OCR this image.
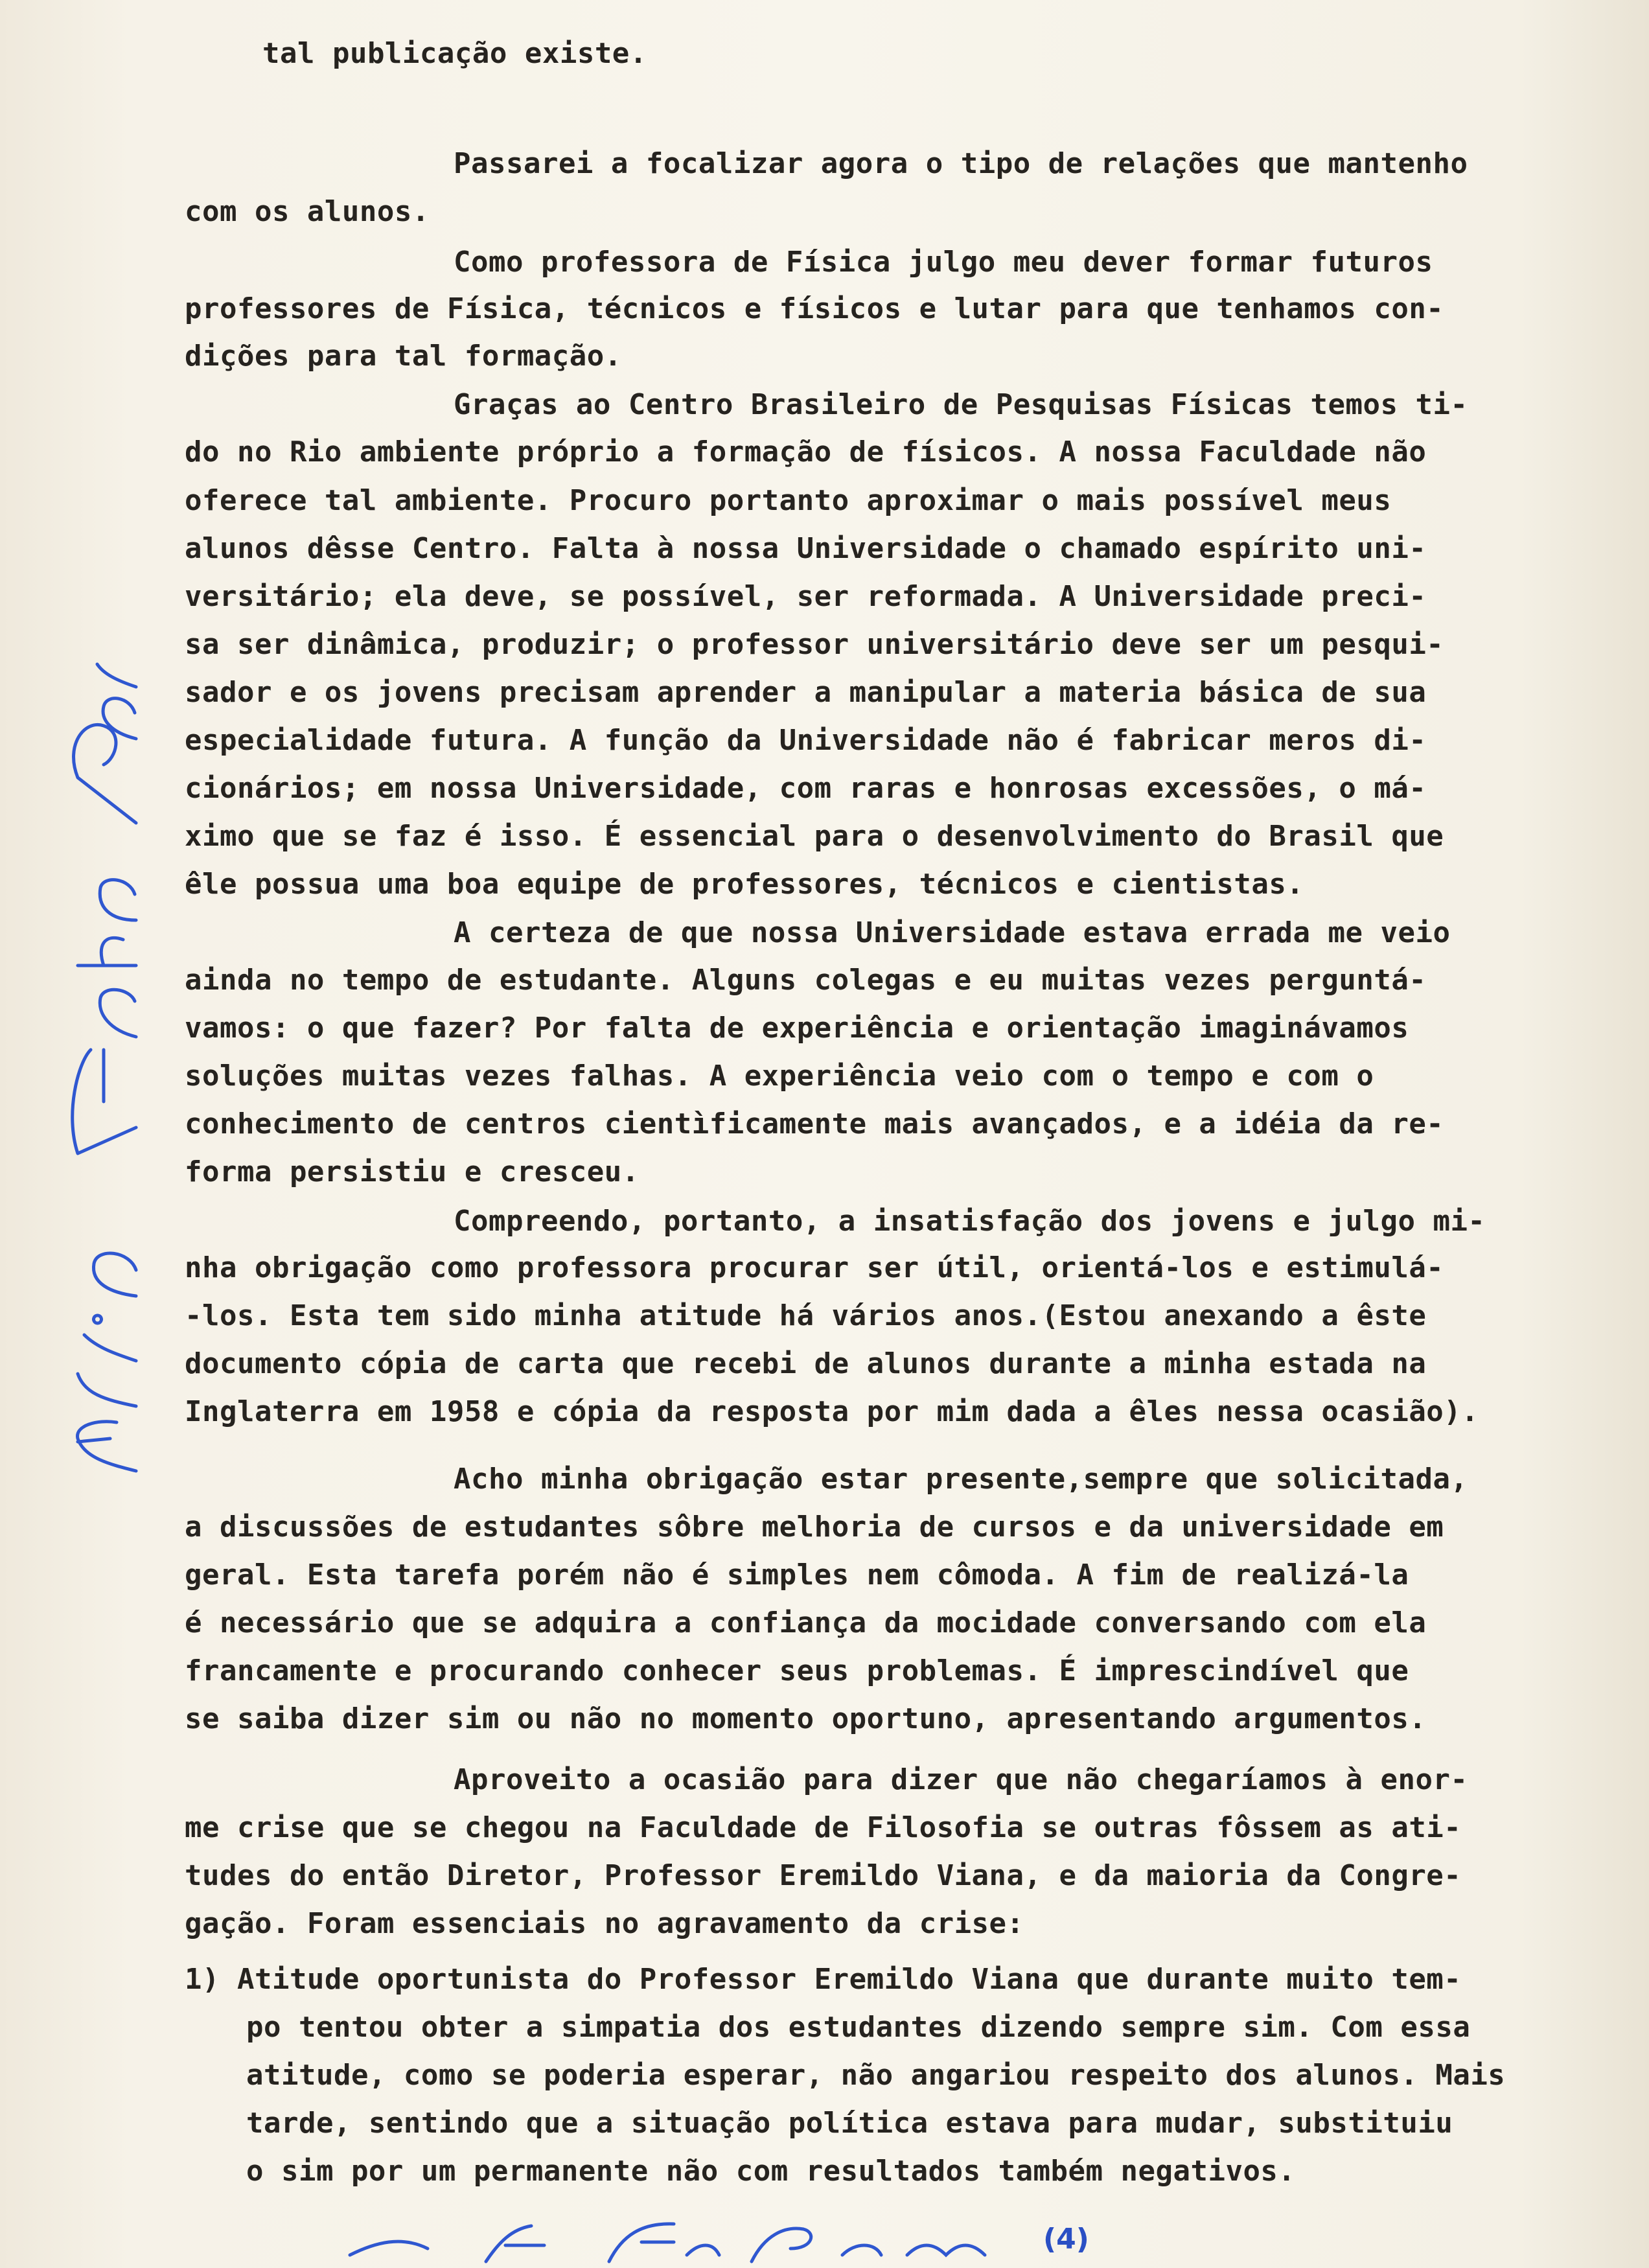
tal publicação existe.
Passarei a focalizar agora o tipo de relações que mantenho
com os alunos.
Como professora de Física julgo meu dever formar futuros
professores de Física, técnicos e físicos e lutar para que tenhamos con-
dições para tal formação.
Graças ao Centro Brasileiro de Pesquisas Físicas temos ti-
do no Rio ambiente próprio a formação de físicos. A nossa Faculdade não
oferece tal ambiente. Procuro portanto aproximar o mais possível meus
alunos dêsse Centro. Falta à nossa Universidade o chamado espírito uni-
versitário; ela deve, se possível, ser reformada. A Universidade preci-
sa ser dinâmica, produzir; o professor universitário deve ser um pesqui-
sador e os jovens precisam aprender a manipular a materia básica de sua
especialidade futura. A função da Universidade não é fabricar meros di-
cionários; em nossa Universidade, com raras e honrosas excessões, o má-
ximo que se faz é isso. É essencial para o desenvolvimento do Brasil que
êle possua uma boa equipe de professores, técnicos e cientistas.
A certeza de que nossa Universidade estava errada me veio
ainda no tempo de estudante. Alguns colegas e eu muitas vezes perguntá-
vamos: o que fazer? Por falta de experiência e orientação imaginávamos
soluções muitas vezes falhas. A experiência veio com o tempo e com o
conhecimento de centros cientìficamente mais avançados, e a idéia da re-
forma persistiu e cresceu.
Compreendo, portanto, a insatisfação dos jovens e julgo mi-
nha obrigação como professora procurar ser útil, orientá-los e estimulá-
-los. Esta tem sido minha atitude há vários anos.(Estou anexando a êste
documento cópia de carta que recebi de alunos durante a minha estada na
Inglaterra em 1958 e cópia da resposta por mim dada a êles nessa ocasião).
Acho minha obrigação estar presente,sempre que solicitada,
a discussões de estudantes sôbre melhoria de cursos e da universidade em
geral. Esta tarefa porém não é simples nem cômoda. A fim de realizá-la
é necessário que se adquira a confiança da mocidade conversando com ela
francamente e procurando conhecer seus problemas. É imprescindível que
se saiba dizer sim ou não no momento oportuno, apresentando argumentos.
Aproveito a ocasião para dizer que não chegaríamos à enor-
me crise que se chegou na Faculdade de Filosofia se outras fôssem as ati-
tudes do então Diretor, Professor Eremildo Viana, e da maioria da Congre-
gação. Foram essenciais no agravamento da crise:
1) Atitude oportunista do Professor Eremildo Viana que durante muito tem-
po tentou obter a simpatia dos estudantes dizendo sempre sim. Com essa
atitude, como se poderia esperar, não angariou respeito dos alunos. Mais
tarde, sentindo que a situação política estava para mudar, substituiu
o sim por um permanente não com resultados também negativos.
(4)
